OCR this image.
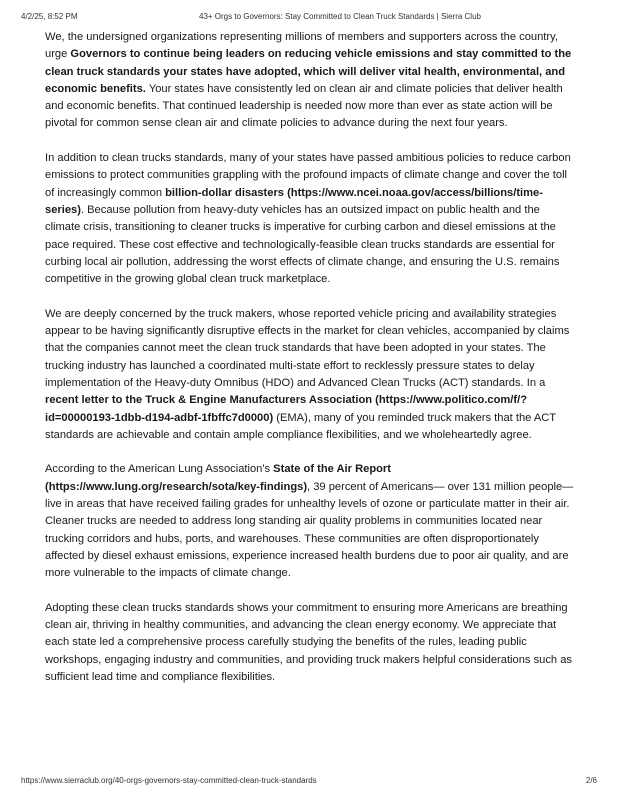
4/2/25, 8:52 PM	43+ Orgs to Governors: Stay Committed to Clean Truck Standards | Sierra Club

We, the undersigned organizations representing millions of members and supporters across the country, urge Governors to continue being leaders on reducing vehicle emissions and stay committed to the clean truck standards your states have adopted, which will deliver vital health, environmental, and economic benefits. Your states have consistently led on clean air and climate policies that deliver health and economic benefits. That continued leadership is needed now more than ever as state action will be pivotal for common sense clean air and climate policies to advance during the next four years.

In addition to clean trucks standards, many of your states have passed ambitious policies to reduce carbon emissions to protect communities grappling with the profound impacts of climate change and cover the toll of increasingly common billion-dollar disasters (https://www.ncei.noaa.gov/access/billions/time-series). Because pollution from heavy-duty vehicles has an outsized impact on public health and the climate crisis, transitioning to cleaner trucks is imperative for curbing carbon and diesel emissions at the pace required. These cost effective and technologically-feasible clean trucks standards are essential for curbing local air pollution, addressing the worst effects of climate change, and ensuring the U.S. remains competitive in the growing global clean truck marketplace.

We are deeply concerned by the truck makers, whose reported vehicle pricing and availability strategies appear to be having significantly disruptive effects in the market for clean vehicles, accompanied by claims that the companies cannot meet the clean truck standards that have been adopted in your states. The trucking industry has launched a coordinated multi-state effort to recklessly pressure states to delay implementation of the Heavy-duty Omnibus (HDO) and Advanced Clean Trucks (ACT) standards. In a recent letter to the Truck & Engine Manufacturers Association (https://www.politico.com/f/?id=00000193-1dbb-d194-adbf-1fbffc7d0000) (EMA), many of you reminded truck makers that the ACT standards are achievable and contain ample compliance flexibilities, and we wholeheartedly agree.

According to the American Lung Association's State of the Air Report (https://www.lung.org/research/sota/key-findings), 39 percent of Americans— over 131 million people—live in areas that have received failing grades for unhealthy levels of ozone or particulate matter in their air. Cleaner trucks are needed to address long standing air quality problems in communities located near trucking corridors and hubs, ports, and warehouses. These communities are often disproportionately affected by diesel exhaust emissions, experience increased health burdens due to poor air quality, and are more vulnerable to the impacts of climate change.

Adopting these clean trucks standards shows your commitment to ensuring more Americans are breathing clean air, thriving in healthy communities, and advancing the clean energy economy. We appreciate that each state led a comprehensive process carefully studying the benefits of the rules, leading public workshops, engaging industry and communities, and providing truck makers helpful considerations such as sufficient lead time and compliance flexibilities.

https://www.sierraclub.org/40-orgs-governors-stay-committed-clean-truck-standards	2/6
